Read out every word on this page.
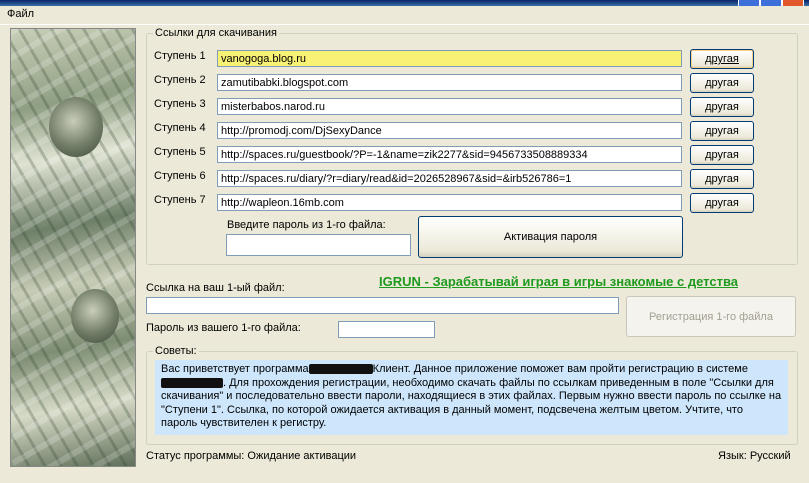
Файл
Ссылки для скачивания
Ступень 1	vanogoga.blog.ru	другая
Ступень 2	zamutibabki.blogspot.com	другая
Ступень 3	misterbabos.narod.ru	другая
Ступень 4	http://promodj.com/DjSexyDance	другая
Ступень 5	http://spaces.ru/guestbook/?P=-1&name=zik2277&sid=9456733508889334	другая
Ступень 6	http://spaces.ru/diary/?r=diary/read&id=2026528967&sid=&irb526786=1	другая
Ступень 7	http://wapleon.16mb.com	другая
Введите пароль из 1-го файла:
Активация пароля
IGRUN - Зарабатывай играя в игры знакомые с детства
Ссылка на ваш 1-ый файл:
Пароль из вашего 1-го файла:
Регистрация 1-го файла
Советы:
Вас приветствует программа	Клиент. Данное приложение поможет вам пройти регистрацию в системе . Для прохождения регистрации, необходимо скачать файлы по ссылкам приведенным в поле "Ссылки для скачивания" и последовательно ввести пароли, находящиеся в этих файлах. Первым нужно ввести пароль по ссылке на "Ступени 1". Ссылка, по которой ожидается активация в данный момент, подсвечена желтым цветом. Учтите, что пароль чувствителен к регистру.
Статус программы: Ожидание активации	Язык: Русский
